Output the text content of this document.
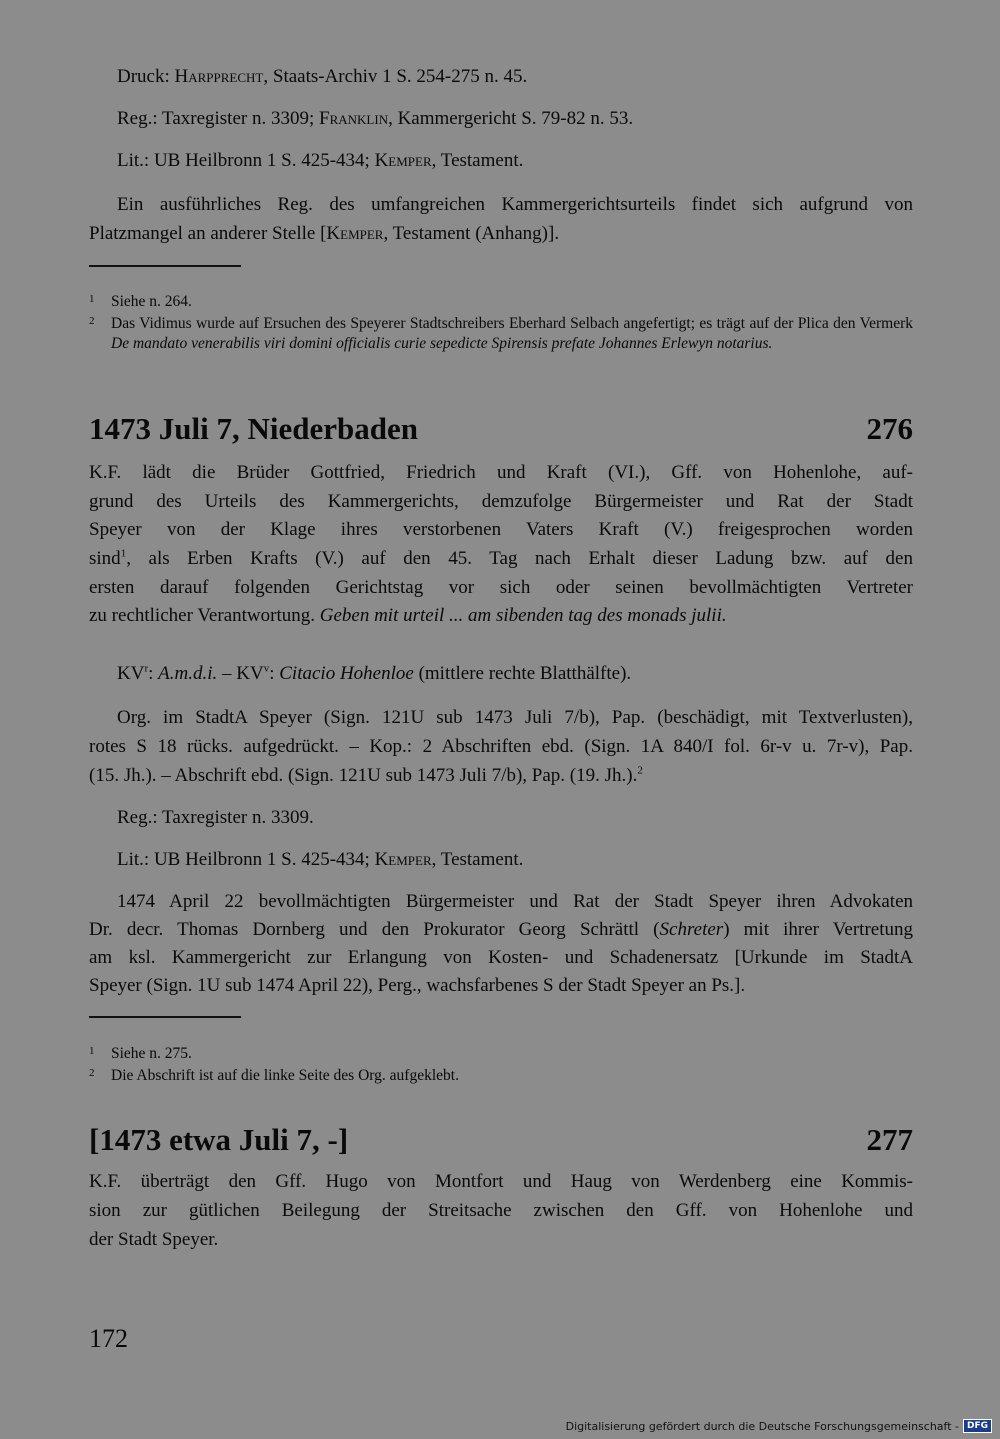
Druck: Harpprecht, Staats-Archiv 1 S. 254-275 n. 45.
Reg.: Taxregister n. 3309; Franklin, Kammergericht S. 79-82 n. 53.
Lit.: UB Heilbronn 1 S. 425-434; Kemper, Testament.
Ein ausführliches Reg. des umfangreichen Kammergerichtsurteils findet sich aufgrund von
Platzmangel an anderer Stelle [Kemper, Testament (Anhang)].
1	Siehe n. 264.
2	Das Vidimus wurde auf Ersuchen des Speyerer Stadtschreibers Eberhard Selbach angefertigt; es trägt auf der Plica den Vermerk De mandato venerabilis viri domini officialis curie sepedicte Spirensis prefate Johannes Erlewyn notarius.
1473 Juli 7, Niederbaden	276
K.F. lädt die Brüder Gottfried, Friedrich und Kraft (VI.), Gff. von Hohenlohe, auf-
grund des Urteils des Kammergerichts, demzufolge Bürgermeister und Rat der Stadt
Speyer von der Klage ihres verstorbenen Vaters Kraft (V.) freigesprochen worden
sind$^1$, als Erben Krafts (V.) auf den 45. Tag nach Erhalt dieser Ladung bzw. auf den
ersten darauf folgenden Gerichtstag vor sich oder seinen bevollmächtigten Vertreter
zu rechtlicher Verantwortung. Geben mit urteil ... am sibenden tag des monads julii.
$KV^r$: A.m.d.i. – $KV^v$: Citacio Hohenloe (mittlere rechte Blatthälfte).
Org. im StadtA Speyer (Sign. 121U sub 1473 Juli 7/b), Pap. (beschädigt, mit Textverlusten),
rotes S 18 rücks. aufgedrückt. – Kop.: 2 Abschriften ebd. (Sign. 1A 840/I fol. 6r-v u. 7r-v), Pap.
(15. Jh.). – Abschrift ebd. (Sign. 121U sub 1473 Juli 7/b), Pap. (19. Jh.).$^2$
Reg.: Taxregister n. 3309.
Lit.: UB Heilbronn 1 S. 425-434; Kemper, Testament.
1474 April 22 bevollmächtigten Bürgermeister und Rat der Stadt Speyer ihren Advokaten
Dr. decr. Thomas Dornberg und den Prokurator Georg Schrättl (Schreter) mit ihrer Vertretung
am ksl. Kammergericht zur Erlangung von Kosten- und Schadenersatz [Urkunde im StadtA
Speyer (Sign. 1U sub 1474 April 22), Perg., wachsfarbenes S der Stadt Speyer an Ps.].
1	Siehe n. 275.
2	Die Abschrift ist auf die linke Seite des Org. aufgeklebt.
[1473 etwa Juli 7, -]	277
K.F. überträgt den Gff. Hugo von Montfort und Haug von Werdenberg eine Kommis-
sion zur gütlichen Beilegung der Streitsache zwischen den Gff. von Hohenlohe und
der Stadt Speyer.
172
Digitalisierung gefördert durch die Deutsche Forschungsgemeinschaft - DFG
